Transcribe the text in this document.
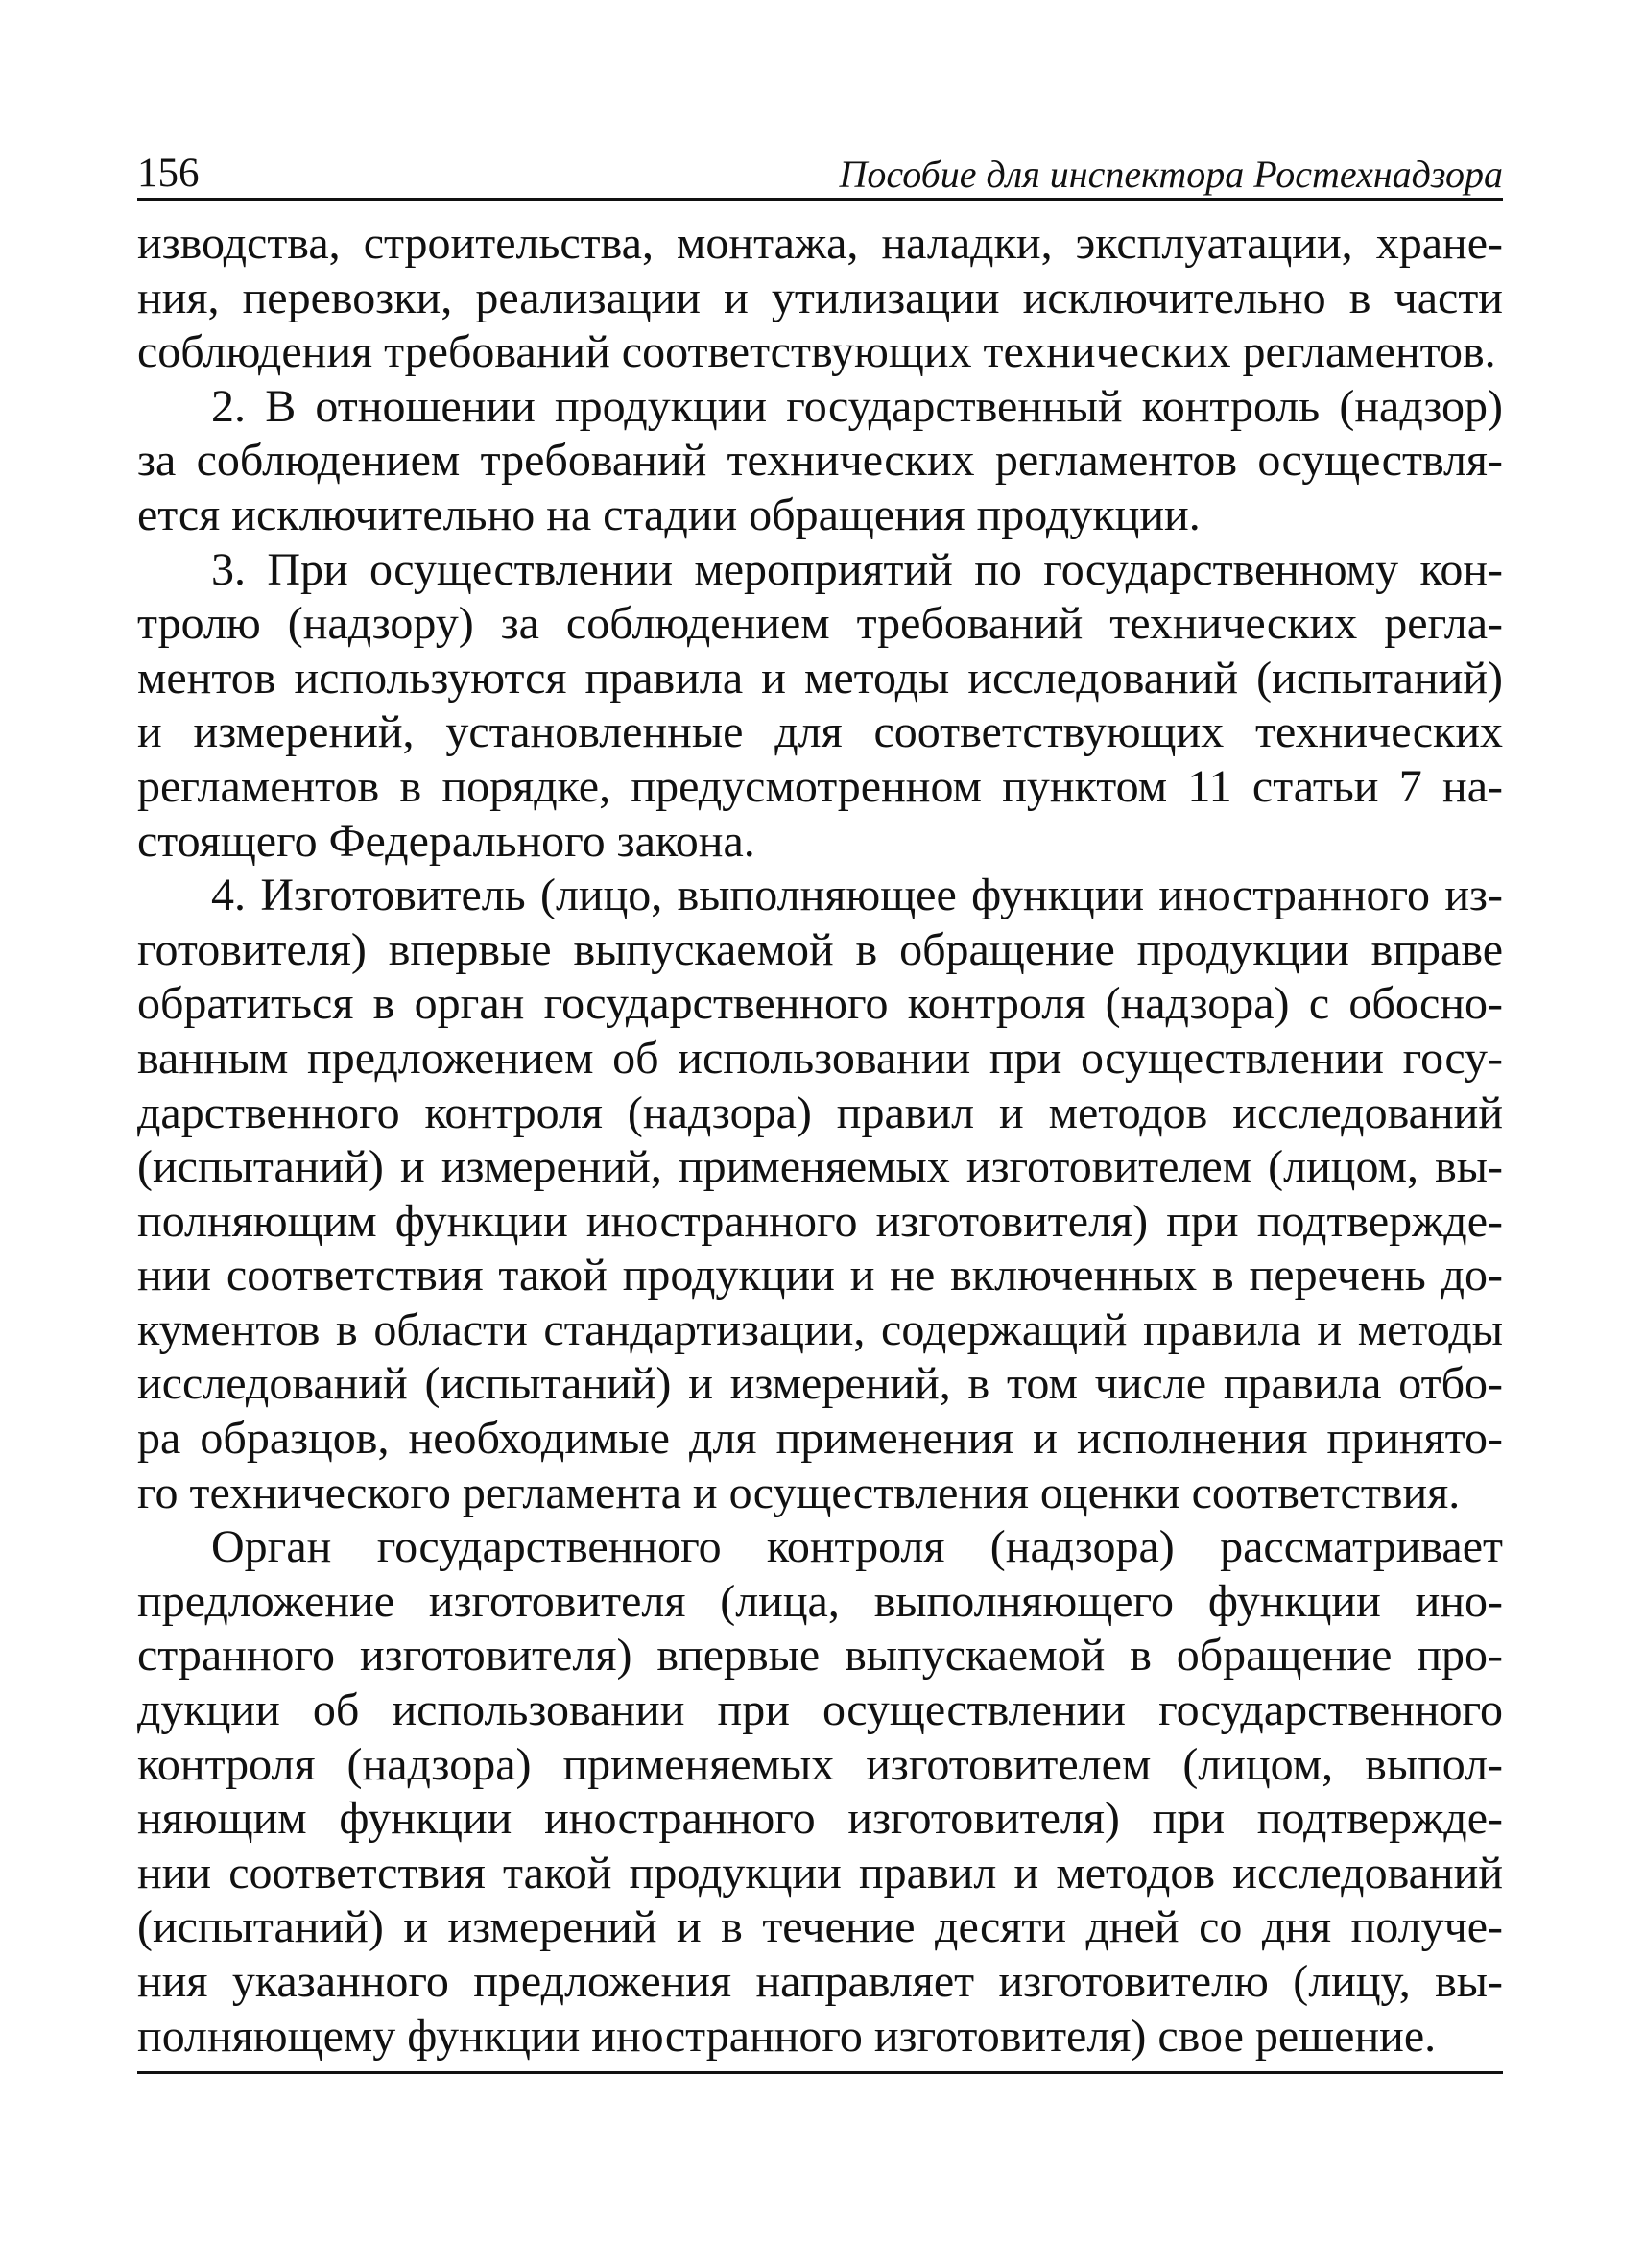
156	Пособие для инспектора Ростехнадзора
изводства, строительства, монтажа, наладки, эксплуатации, хране-
ния, перевозки, реализации и утилизации исключительно в части
соблюдения требований соответствующих технических регламентов.
2. В отношении продукции государственный контроль (надзор)
за соблюдением требований технических регламентов осуществля-
ется исключительно на стадии обращения продукции.
3. При осуществлении мероприятий по государственному кон-
тролю (надзору) за соблюдением требований технических регла-
ментов используются правила и методы исследований (испытаний)
и измерений, установленные для соответствующих технических
регламентов в порядке, предусмотренном пунктом 11 статьи 7 на-
стоящего Федерального закона.
4. Изготовитель (лицо, выполняющее функции иностранного из-
готовителя) впервые выпускаемой в обращение продукции вправе
обратиться в орган государственного контроля (надзора) с обосно-
ванным предложением об использовании при осуществлении госу-
дарственного контроля (надзора) правил и методов исследований
(испытаний) и измерений, применяемых изготовителем (лицом, вы-
полняющим функции иностранного изготовителя) при подтвержде-
нии соответствия такой продукции и не включенных в перечень до-
кументов в области стандартизации, содержащий правила и методы
исследований (испытаний) и измерений, в том числе правила отбо-
ра образцов, необходимые для применения и исполнения принято-
го технического регламента и осуществления оценки соответствия.
Орган государственного контроля (надзора) рассматривает
предложение изготовителя (лица, выполняющего функции ино-
странного изготовителя) впервые выпускаемой в обращение про-
дукции об использовании при осуществлении государственного
контроля (надзора) применяемых изготовителем (лицом, выпол-
няющим функции иностранного изготовителя) при подтвержде-
нии соответствия такой продукции правил и методов исследований
(испытаний) и измерений и в течение десяти дней со дня получе-
ния указанного предложения направляет изготовителю (лицу, вы-
полняющему функции иностранного изготовителя) свое решение.
